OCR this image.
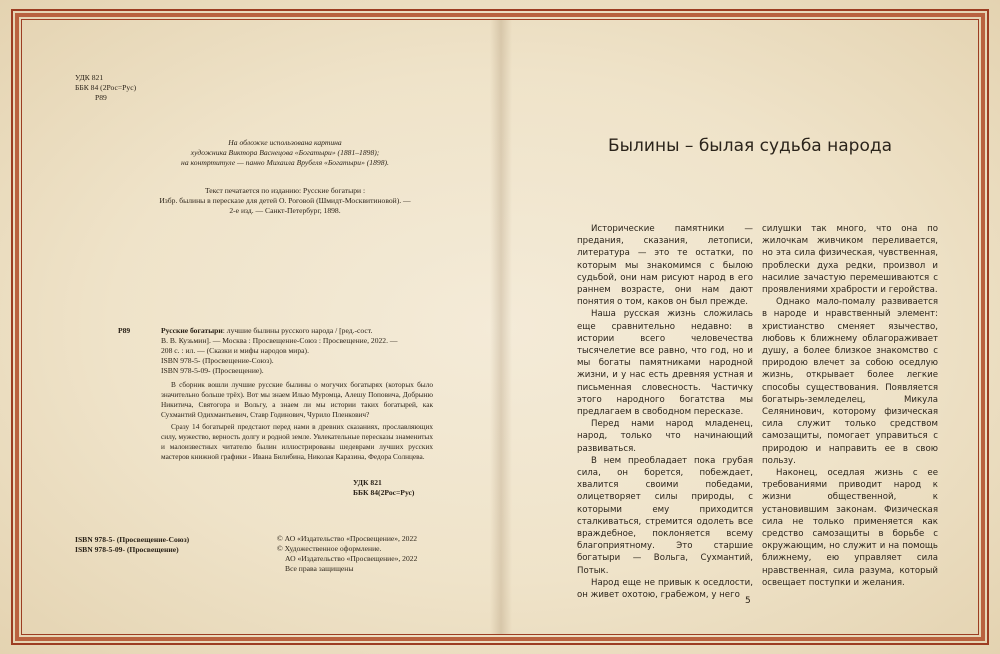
УДК 821

ББК 84 (2Рос=Рус)

Р89

На обложке использована картина
художника Виктора Васнецова «Богатыри» (1881–1898);
на контртитуле — панно Михаила Врубеля «Богатыри» (1898).
Текст печатается по изданию: Русские богатыри :
Избр. былины в пересказе для детей О. Роговой (Шмидт-Москвитиновой). —
2-е изд. — Санкт-Петербург, 1898.

Р89	Русские богатыри: лучшие былины русского народа / [ред.-сост.
В. В. Кузьмин]. — Москва : Просвещение-Союз : Просвещение, 2022. —
208 с. : ил. — (Сказки и мифы народов мира).
ISBN 978-5- (Просвещение-Союз).
ISBN 978-5-09- (Просвещение).

В сборник вошли лучшие русские былины о могучих богатырях (которых было значительно больше трёх). Вот мы знаем Илью Муромца, Алешу Поповича, Добрыню Никитича, Святогора и Вольгу, а знаем ли мы истории таких богатырей, как Сухмантий Одихмантьевич, Ставр Годинович, Чурило Пленкович?

Сразу 14 богатырей предстают перед нами в древних сказаниях, прославляющих силу, мужество, верность долгу и родной земле. Увлекательные пересказы знаменитых и малоизвестных читателю былин иллюстрированы шедеврами лучших русских мастеров книжной графики - Ивана Билибина, Николая Каразина, Федора Солнцева.

УДК 821

ББК 84(2Рос=Рус)

ISBN 978-5- (Просвещение-Союз)

ISBN 978-5-09- (Просвещение)

© АО «Издательство «Просвещение», 2022
© Художественное оформление.
АО «Издательство «Просвещение», 2022
Все права защищены
Былины – былая судьба народа

Исторические памятники — предания, сказания, летописи, литература — это те остатки, по которым мы знакомимся с былою судьбой, они нам рисуют народ в его раннем возрасте, они нам дают понятия о том, каков он был прежде.

Наша русская жизнь сложилась еще сравнительно недавно: в истории всего человечества тысячелетие все равно, что год, но и мы богаты памятниками народной жизни, и у нас есть древняя устная и письменная словесность. Частичку этого народного богатства мы предлагаем в свободном пересказе.

Перед нами народ младенец, народ, только что начинающий развиваться.

В нем преобладает пока грубая сила, он борется, побеждает, хвалится своими победами, олицетворяет силы природы, с которыми ему приходится сталкиваться, стремится одолеть все враждебное, поклоняется всему благоприятному. Это старшие богатыри — Вольга, Сухмантий, Потык.

Народ еще не привык к оседлости, он живет охотою, грабежом, у него

силушки так много, что она по жилочкам живчиком переливается, но эта сила физическая, чувственная, проблески духа редки, произвол и насилие зачастую перемешиваются с проявлениями храбрости и геройства.

Однако мало-помалу развивается в народе и нравственный элемент: христианство сменяет язычество, любовь к ближнему облагораживает душу, а более близкое знакомство с природою влечет за собою оседлую жизнь, открывает более легкие способы существования. Появляется богатырь-земледелец, Микула Селянинович, которому физическая сила служит только средством самозащиты, помогает управиться с природою и направить ее в свою пользу.

Наконец, оседлая жизнь с ее требованиями приводит народ к жизни общественной, к установившим законам. Физическая сила не только применяется как средство самозащиты в борьбе с окружающим, но служит и на помощь ближнему, ею управляет сила нравственная, сила разума, который освещает поступки и желания.

5
